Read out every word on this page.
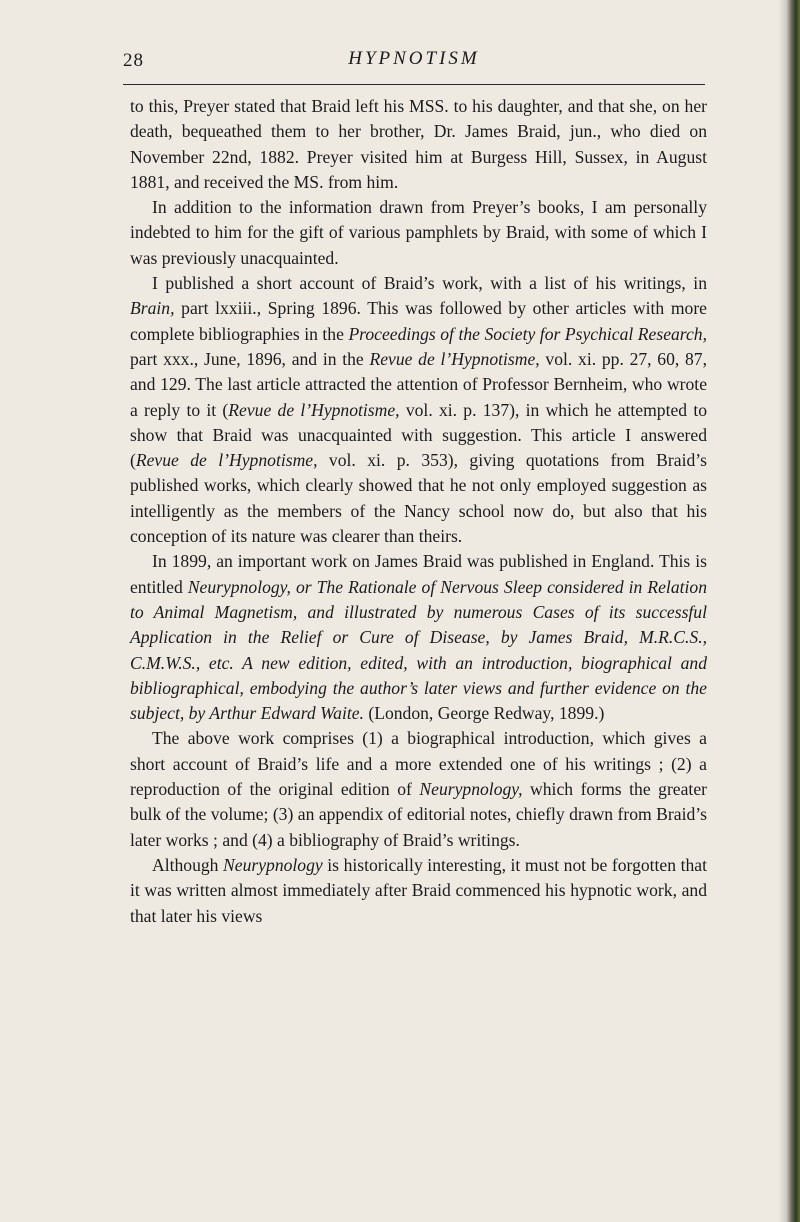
28	HYPNOTISM

to this, Preyer stated that Braid left his MSS. to his daughter, and that she, on her death, bequeathed them to her brother, Dr. James Braid, jun., who died on November 22nd, 1882. Preyer visited him at Burgess Hill, Sussex, in August 1881, and received the MS. from him.

In addition to the information drawn from Preyer’s books, I am personally indebted to him for the gift of various pamphlets by Braid, with some of which I was previously unacquainted.

I published a short account of Braid’s work, with a list of his writings, in Brain, part lxxiii., Spring 1896. This was followed by other articles with more complete bibliographies in the Proceedings of the Society for Psychical Research, part xxx., June, 1896, and in the Revue de l’Hypnotisme, vol. xi. pp. 27, 60, 87, and 129. The last article attracted the attention of Professor Bernheim, who wrote a reply to it (Revue de l’Hypnotisme, vol. xi. p. 137), in which he attempted to show that Braid was unacquainted with suggestion. This article I answered (Revue de l’Hypnotisme, vol. xi. p. 353), giving quotations from Braid’s published works, which clearly showed that he not only employed suggestion as intelligently as the members of the Nancy school now do, but also that his conception of its nature was clearer than theirs.

In 1899, an important work on James Braid was published in England. This is entitled Neurypnology, or The Rationale of Nervous Sleep considered in Relation to Animal Magnetism, and illustrated by numerous Cases of its successful Application in the Relief or Cure of Disease, by James Braid, M.R.C.S., C.M.W.S., etc. A new edition, edited, with an introduction, biographical and bibliographical, embodying the author’s later views and further evidence on the subject, by Arthur Edward Waite. (London, George Redway, 1899.)

The above work comprises (1) a biographical introduction, which gives a short account of Braid’s life and a more extended one of his writings ; (2) a reproduction of the original edition of Neurypnology, which forms the greater bulk of the volume; (3) an appendix of editorial notes, chiefly drawn from Braid’s later works ; and (4) a bibliography of Braid’s writings.

Although Neurypnology is historically interesting, it must not be forgotten that it was written almost immediately after Braid commenced his hypnotic work, and that later his views
